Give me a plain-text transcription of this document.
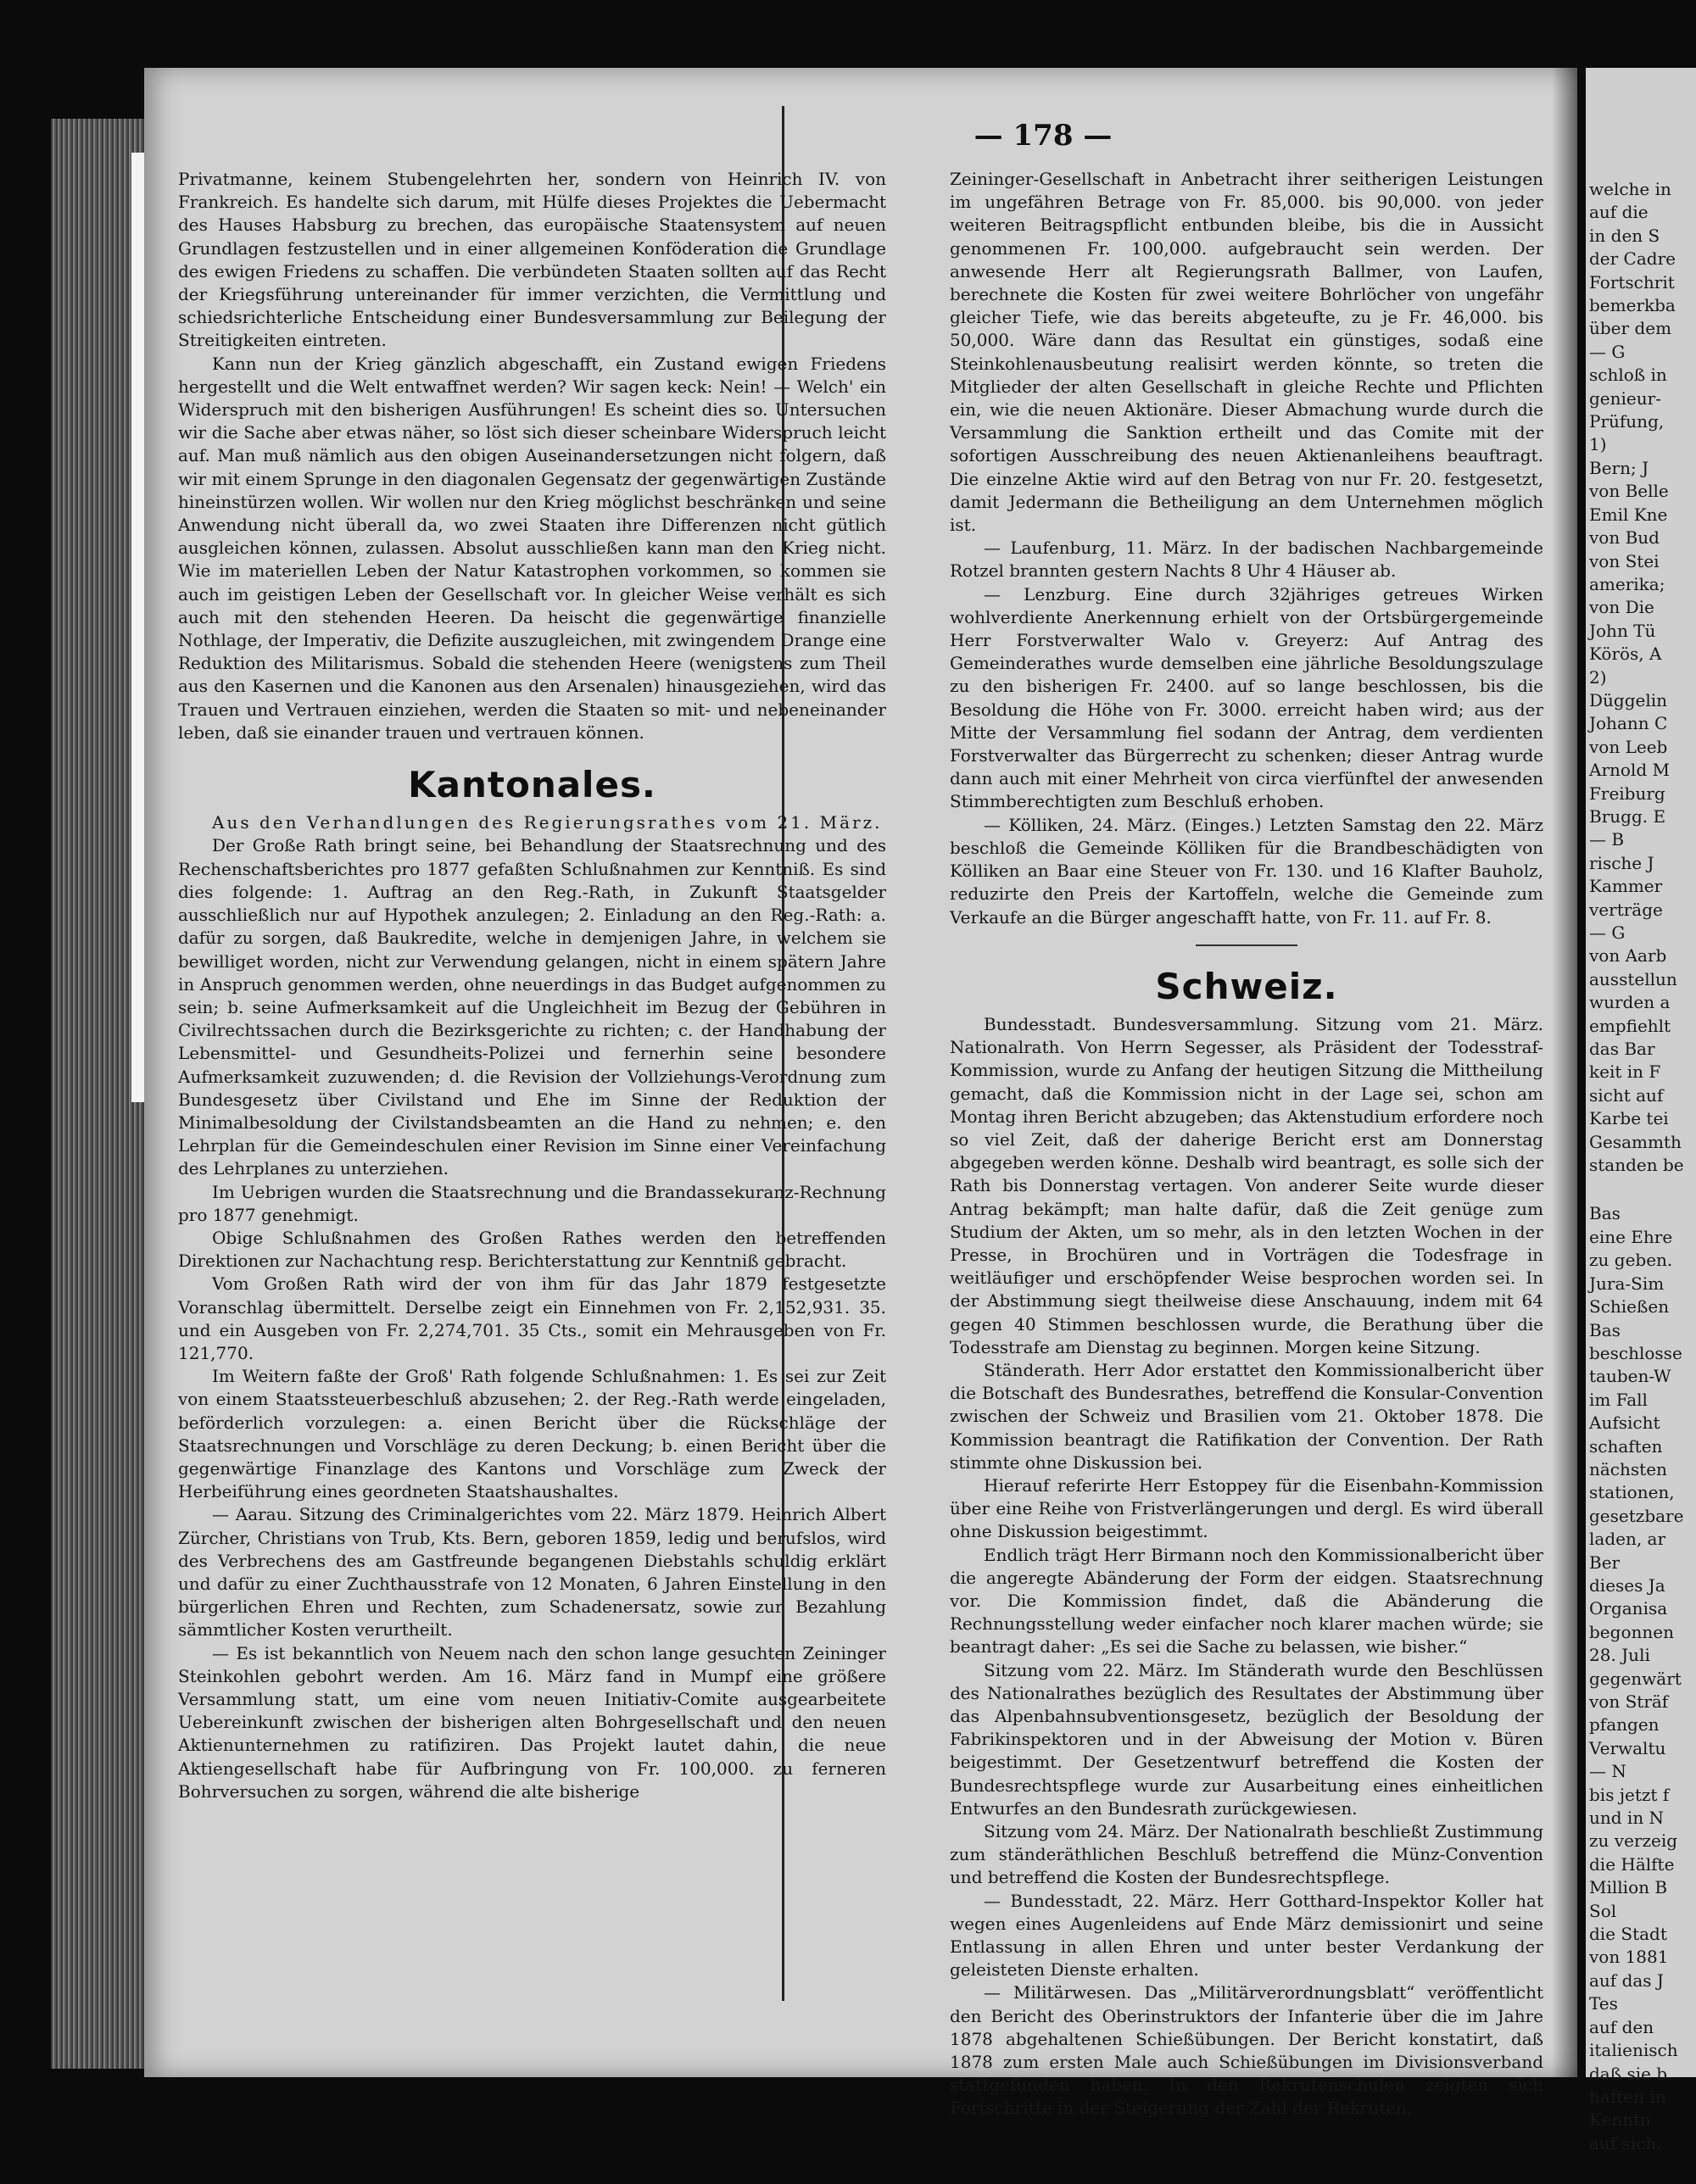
— 178 —

Privatmanne, keinem Stubengelehrten her, sondern von Heinrich IV. von Frankreich. Es handelte sich darum, mit Hülfe dieses Projektes die Uebermacht des Hauses Habsburg zu brechen, das europäische Staatensystem auf neuen Grundlagen festzustellen und in einer allgemeinen Konföderation die Grundlage des ewigen Friedens zu schaffen. Die verbündeten Staaten sollten auf das Recht der Kriegsführung untereinander für immer verzichten, die Vermittlung und schiedsrichterliche Entscheidung einer Bundesversammlung zur Beilegung der Streitigkeiten eintreten.

Kann nun der Krieg gänzlich abgeschafft, ein Zustand ewigen Friedens hergestellt und die Welt entwaffnet werden? Wir sagen keck: Nein! — Welch' ein Widerspruch mit den bisherigen Ausführungen! Es scheint dies so. Untersuchen wir die Sache aber etwas näher, so löst sich dieser scheinbare Widerspruch leicht auf. Man muß nämlich aus den obigen Auseinandersetzungen nicht folgern, daß wir mit einem Sprunge in den diagonalen Gegensatz der gegenwärtigen Zustände hineinstürzen wollen. Wir wollen nur den Krieg möglichst beschränken und seine Anwendung nicht überall da, wo zwei Staaten ihre Differenzen nicht gütlich ausgleichen können, zulassen. Absolut ausschließen kann man den Krieg nicht. Wie im materiellen Leben der Natur Katastrophen vorkommen, so kommen sie auch im geistigen Leben der Gesellschaft vor. In gleicher Weise verhält es sich auch mit den stehenden Heeren. Da heischt die gegenwärtige finanzielle Nothlage, der Imperativ, die Defizite auszugleichen, mit zwingendem Drange eine Reduktion des Militarismus. Sobald die stehenden Heere (wenigstens zum Theil aus den Kasernen und die Kanonen aus den Arsenalen) hinausgeziehen, wird das Trauen und Vertrauen einziehen, werden die Staaten so mit- und nebeneinander leben, daß sie einander trauen und vertrauen können.

Kantonales.

Aus den Verhandlungen des Regierungsrathes vom 21. März.

Der Große Rath bringt seine, bei Behandlung der Staatsrechnung und des Rechenschaftsberichtes pro 1877 gefaßten Schlußnahmen zur Kenntniß. Es sind dies folgende: 1. Auftrag an den Reg.-Rath, in Zukunft Staatsgelder ausschließlich nur auf Hypothek anzulegen; 2. Einladung an den Reg.-Rath: a. dafür zu sorgen, daß Baukredite, welche in demjenigen Jahre, in welchem sie bewilliget worden, nicht zur Verwendung gelangen, nicht in einem spätern Jahre in Anspruch genommen werden, ohne neuerdings in das Budget aufgenommen zu sein; b. seine Aufmerksamkeit auf die Ungleichheit im Bezug der Gebühren in Civilrechtssachen durch die Bezirksgerichte zu richten; c. der Handhabung der Lebensmittel- und Gesundheits-Polizei und fernerhin seine besondere Aufmerksamkeit zuzuwenden; d. die Revision der Vollziehungs-Verordnung zum Bundesgesetz über Civilstand und Ehe im Sinne der Reduktion der Minimalbesoldung der Civilstandsbeamten an die Hand zu nehmen; e. den Lehrplan für die Gemeindeschulen einer Revision im Sinne einer Vereinfachung des Lehrplanes zu unterziehen.

Im Uebrigen wurden die Staatsrechnung und die Brandassekuranz-Rechnung pro 1877 genehmigt.

Obige Schlußnahmen des Großen Rathes werden den betreffenden Direktionen zur Nachachtung resp. Berichterstattung zur Kenntniß gebracht.

Vom Großen Rath wird der von ihm für das Jahr 1879 festgesetzte Voranschlag übermittelt. Derselbe zeigt ein Einnehmen von Fr. 2,152,931. 35. und ein Ausgeben von Fr. 2,274,701. 35 Cts., somit ein Mehrausgeben von Fr. 121,770.

Im Weitern faßte der Groß' Rath folgende Schlußnahmen: 1. Es sei zur Zeit von einem Staatssteuerbeschluß abzusehen; 2. der Reg.-Rath werde eingeladen, beförderlich vorzulegen: a. einen Bericht über die Rückschläge der Staatsrechnungen und Vorschläge zu deren Deckung; b. einen Bericht über die gegenwärtige Finanzlage des Kantons und Vorschläge zum Zweck der Herbeiführung eines geordneten Staatshaushaltes.

— Aarau. Sitzung des Criminalgerichtes vom 22. März 1879. Heinrich Albert Zürcher, Christians von Trub, Kts. Bern, geboren 1859, ledig und berufslos, wird des Verbrechens des am Gastfreunde begangenen Diebstahls schuldig erklärt und dafür zu einer Zuchthausstrafe von 12 Monaten, 6 Jahren Einstellung in den bürgerlichen Ehren und Rechten, zum Schadenersatz, sowie zur Bezahlung sämmtlicher Kosten verurtheilt.

— Es ist bekanntlich von Neuem nach den schon lange gesuchten Zeininger Steinkohlen gebohrt werden. Am 16. März fand in Mumpf eine größere Versammlung statt, um eine vom neuen Initiativ-Comite ausgearbeitete Uebereinkunft zwischen der bisherigen alten Bohrgesellschaft und den neuen Aktienunternehmen zu ratifiziren. Das Projekt lautet dahin, die neue Aktiengesellschaft habe für Aufbringung von Fr. 100,000. zu ferneren Bohrversuchen zu sorgen, während die alte bisherige

Zeininger-Gesellschaft in Anbetracht ihrer seitherigen Leistungen im ungefähren Betrage von Fr. 85,000. bis 90,000. von jeder weiteren Beitragspflicht entbunden bleibe, bis die in Aussicht genommenen Fr. 100,000. aufgebraucht sein werden. Der anwesende Herr alt Regierungsrath Ballmer, von Laufen, berechnete die Kosten für zwei weitere Bohrlöcher von ungefähr gleicher Tiefe, wie das bereits abgeteufte, zu je Fr. 46,000. bis 50,000. Wäre dann das Resultat ein günstiges, sodaß eine Steinkohlenausbeutung realisirt werden könnte, so treten die Mitglieder der alten Gesellschaft in gleiche Rechte und Pflichten ein, wie die neuen Aktionäre. Dieser Abmachung wurde durch die Versammlung die Sanktion ertheilt und das Comite mit der sofortigen Ausschreibung des neuen Aktienanleihens beauftragt. Die einzelne Aktie wird auf den Betrag von nur Fr. 20. festgesetzt, damit Jedermann die Betheiligung an dem Unternehmen möglich ist.

— Laufenburg, 11. März. In der badischen Nachbargemeinde Rotzel brannten gestern Nachts 8 Uhr 4 Häuser ab.

— Lenzburg. Eine durch 32jähriges getreues Wirken wohlverdiente Anerkennung erhielt von der Ortsbürgergemeinde Herr Forstverwalter Walo v. Greyerz: Auf Antrag des Gemeinderathes wurde demselben eine jährliche Besoldungszulage zu den bisherigen Fr. 2400. auf so lange beschlossen, bis die Besoldung die Höhe von Fr. 3000. erreicht haben wird; aus der Mitte der Versammlung fiel sodann der Antrag, dem verdienten Forstverwalter das Bürgerrecht zu schenken; dieser Antrag wurde dann auch mit einer Mehrheit von circa vierfünftel der anwesenden Stimmberechtigten zum Beschluß erhoben.

— Kölliken, 24. März. (Einges.) Letzten Samstag den 22. März beschloß die Gemeinde Kölliken für die Brandbeschädigten von Kölliken an Baar eine Steuer von Fr. 130. und 16 Klafter Bauholz, reduzirte den Preis der Kartoffeln, welche die Gemeinde zum Verkaufe an die Bürger angeschafft hatte, von Fr. 11. auf Fr. 8.

Schweiz.

Bundesstadt. Bundesversammlung. Sitzung vom 21. März. Nationalrath. Von Herrn Segesser, als Präsident der Todesstraf-Kommission, wurde zu Anfang der heutigen Sitzung die Mittheilung gemacht, daß die Kommission nicht in der Lage sei, schon am Montag ihren Bericht abzugeben; das Aktenstudium erfordere noch so viel Zeit, daß der daherige Bericht erst am Donnerstag abgegeben werden könne. Deshalb wird beantragt, es solle sich der Rath bis Donnerstag vertagen. Von anderer Seite wurde dieser Antrag bekämpft; man halte dafür, daß die Zeit genüge zum Studium der Akten, um so mehr, als in den letzten Wochen in der Presse, in Brochüren und in Vorträgen die Todesfrage in weitläufiger und erschöpfender Weise besprochen worden sei. In der Abstimmung siegt theilweise diese Anschauung, indem mit 64 gegen 40 Stimmen beschlossen wurde, die Berathung über die Todesstrafe am Dienstag zu beginnen. Morgen keine Sitzung.

Ständerath. Herr Ador erstattet den Kommissionalbericht über die Botschaft des Bundesrathes, betreffend die Konsular-Convention zwischen der Schweiz und Brasilien vom 21. Oktober 1878. Die Kommission beantragt die Ratifikation der Convention. Der Rath stimmte ohne Diskussion bei.

Hierauf referirte Herr Estoppey für die Eisenbahn-Kommission über eine Reihe von Fristverlängerungen und dergl. Es wird überall ohne Diskussion beigestimmt.

Endlich trägt Herr Birmann noch den Kommissionalbericht über die angeregte Abänderung der Form der eidgen. Staatsrechnung vor. Die Kommission findet, daß die Abänderung die Rechnungsstellung weder einfacher noch klarer machen würde; sie beantragt daher: „Es sei die Sache zu belassen, wie bisher.“

Sitzung vom 22. März. Im Ständerath wurde den Beschlüssen des Nationalrathes bezüglich des Resultates der Abstimmung über das Alpenbahnsubventionsgesetz, bezüglich der Besoldung der Fabrikinspektoren und in der Abweisung der Motion v. Büren beigestimmt. Der Gesetzentwurf betreffend die Kosten der Bundesrechtspflege wurde zur Ausarbeitung eines einheitlichen Entwurfes an den Bundesrath zurückgewiesen.

Sitzung vom 24. März. Der Nationalrath beschließt Zustimmung zum ständeräthlichen Beschluß betreffend die Münz-Convention und betreffend die Kosten der Bundesrechtspflege.

— Bundesstadt, 22. März. Herr Gotthard-Inspektor Koller hat wegen eines Augenleidens auf Ende März demissionirt und seine Entlassung in allen Ehren und unter bester Verdankung der geleisteten Dienste erhalten.

— Militärwesen. Das „Militärverordnungsblatt“ veröffentlicht den Bericht des Oberinstruktors der Infanterie über die im Jahre 1878 abgehaltenen Schießübungen. Der Bericht konstatirt, daß 1878 zum ersten Male auch Schießübungen im Divisionsverband stattgefunden haben. In den Rekrutenschulen zeigten sich Fortschritte in der Steigerung der Zahl der Rekruten,

welche in
auf die
in den S
der Cadre
Fortschrit
bemerkba
über dem
— G
schloß in
genieur-
Prüfung,
1)
Bern; J
von Belle
Emil Kne
von Bud
von Stei
amerika;
von Die
John Tü
Körös, A
2)
Düggelin
Johann C
von Leeb
Arnold M
Freiburg
Brugg. E
— B
rische J
Kammer
verträge
— G
von Aarb
ausstellun
wurden a
empfiehlt
das Bar
keit in F
sicht auf
Karbe tei
Gesammth
standen be
Bas
eine Ehre
zu geben.
Jura-Sim
Schießen
Bas
beschlosse
tauben-W
im Fall
Aufsicht
schaften
nächsten
stationen,
gesetzbare
laden, ar
Ber
dieses Ja
Organisa
begonnen
28. Juli
gegenwärt
von Sträf
pfangen
Verwaltu
— N
bis jetzt f
und in N
zu verzeig
die Hälfte
Million B
Sol
die Stadt
von 1881
auf das J
Tes
auf den
italienisch
daß sie b
haften in
Kenntn
auf sich.
